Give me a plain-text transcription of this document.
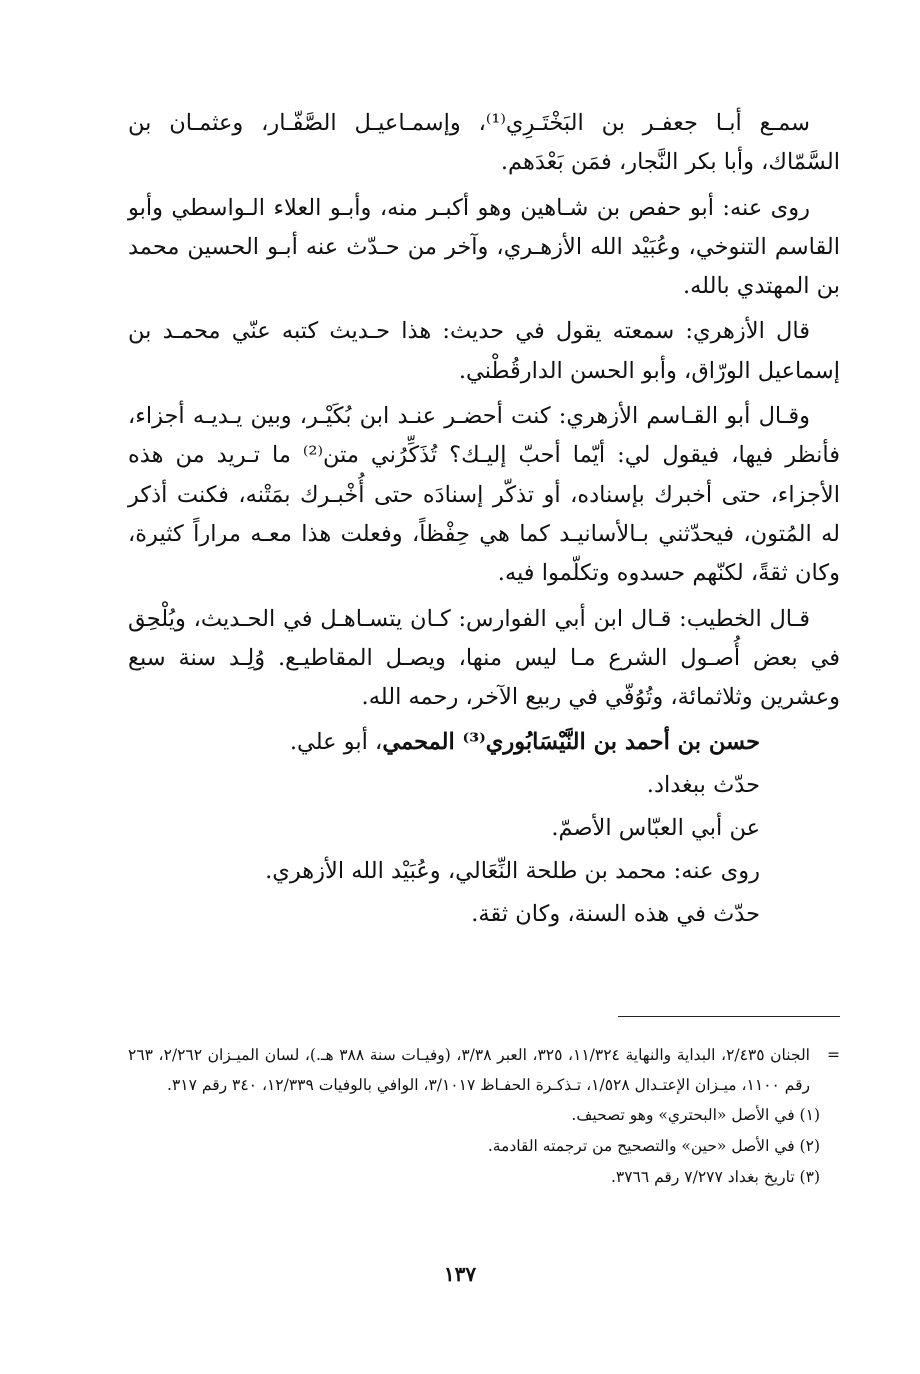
سمـع أبـا جعفـر بن البَخْتَـرِي⁽¹⁾، وإسمـاعيـل الصَّفّـار، وعثمـان بن السَّمّاك، وأبا بكر النَّجار، فمَن بَعْدَهم.

روى عنه: أبو حفص بن شـاهين وهو أكبـر منه، وأبـو العلاء الـواسطي وأبو القاسم التنوخي، وعُبَيْد الله الأزهـري، وآخر من حـدّث عنه أبـو الحسين محمد بن المهتدي بالله.

قال الأزهري: سمعته يقول في حديث: هذا حـديث كتبه عنّي محمـد بن إسماعيل الورّاق، وأبو الحسن الدارقُطْني.

وقـال أبو القـاسم الأزهري: كنت أحضـر عنـد ابن بُكَيْـر، وبين يـديـه أجزاء، فأنظر فيها، فيقول لي: أيّما أحبّ إليـك؟ تُذَكِّرُني متن⁽²⁾ ما تـريد من هذه الأجزاء، حتى أخبرك بإسناده، أو تذكّر إسنادَه حتى أُخْبـرك بمَتْنه، فكنت أذكر له المُتون، فيحدّثني بـالأسانيـد كما هي حِفْظاً، وفعلت هذا معـه مراراً كثيرة، وكان ثقةً، لكنّهم حسدوه وتكلّموا فيه.

قـال الخطيب: قـال ابن أبي الفوارس: كـان يتسـاهـل في الحـديث، ويُلْحِق في بعض أُصـول الشرع مـا ليس منها، ويصـل المقاطيـع. وُلِـد سنة سبع وعشرين وثلاثمائة، وتُوُفّي في ربيع الآخر، رحمه الله.

حسن بن أحمد بن النَّيْسَابُوري⁽³⁾ المحمي، أبو علي.
حدّث ببغداد.
عن أبي العبّاس الأصمّ.
روى عنه: محمد بن طلحة النِّعَالي، وعُبَيْد الله الأزهري.
حدّث في هذه السنة، وكان ثقة.
=
الجنان ٢/٤٣٥، البداية والنهاية ١١/٣٢٤، ٣٢٥، العبر ٣/٣٨، (وفيـات سنة ٣٨٨ هـ.)، لسان الميـزان ٢/٢٦٢، ٢٦٣ رقم ١١٠٠، ميـزان الإعتـدال ١/٥٢٨، تـذكـرة الحفـاظ ٣/١٠١٧، الوافي بالوفيات ١٢/٣٣٩، ٣٤٠ رقم ٣١٧.
(١) في الأصل «البحتري» وهو تصحيف.
(٢) في الأصل «حين» والتصحيح من ترجمته القادمة.
(٣) تاريخ بغداد ٧/٢٧٧ رقم ٣٧٦٦.
١٣٧
